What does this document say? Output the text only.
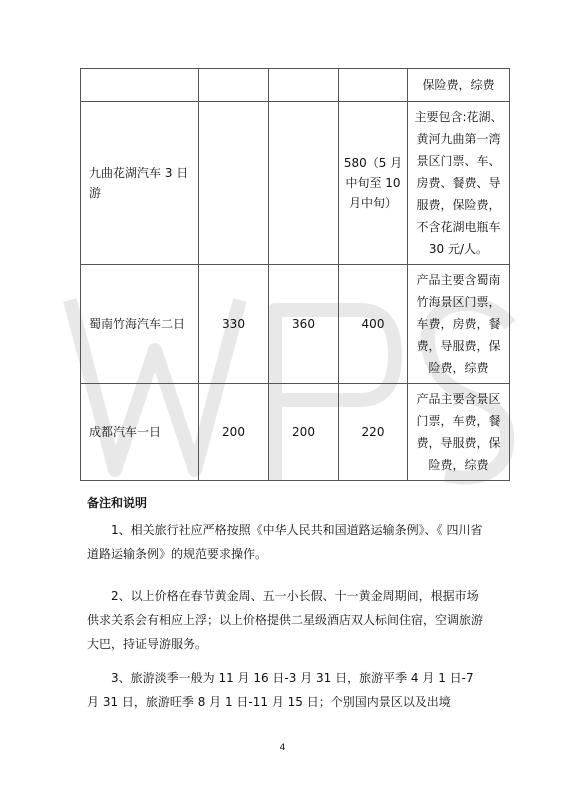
				保险费，综费
九曲花湖汽车 3 日游			580（5 月中旬至 10 月中旬）	主要包含:花湖、黄河九曲第一湾景区门票、车、房费、餐费、导服费，保险费，不含花湖电瓶车 30 元/人。
蜀南竹海汽车二日	330	360	400	产品主要含蜀南竹海景区门票，车费，房费，餐费，导服费，保险费，综费
成都汽车一日	200	200	220	产品主要含景区门票，车费，餐费，导服费，保险费，综费
备注和说明
1、相关旅行社应严格按照《中华人民共和国道路运输条例》、《 四川省道路运输条例》的规范要求操作。
2、以上价格在春节黄金周、五一小长假、十一黄金周期间，根据市场供求关系会有相应上浮；以上价格提供二星级酒店双人标间住宿，空调旅游大巴，持证导游服务。
3、旅游淡季一般为 11 月 16 日-3 月 31 日，旅游平季 4 月 1 日-7 月 31 日，旅游旺季 8 月 1 日-11 月 15 日；个别国内景区以及出境
4
